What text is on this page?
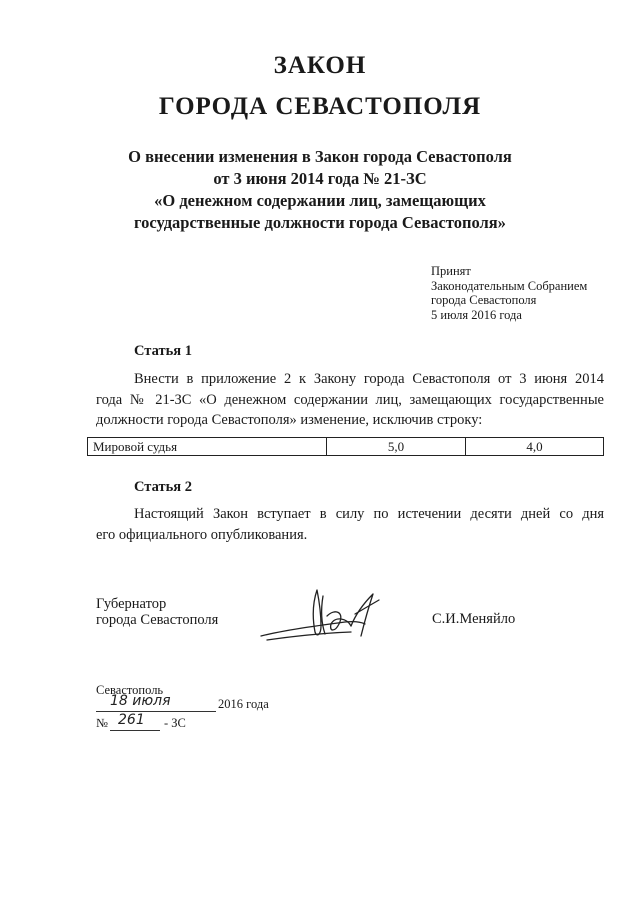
ЗАКОН
ГОРОДА СЕВАСТОПОЛЯ
О внесении изменения в Закон города Севастополя
от 3 июня 2014 года № 21-ЗС
«О денежном содержании лиц, замещающих
государственные должности города Севастополя»
Принят
Законодательным Собранием
города Севастополя
5 июля 2016 года
Статья 1
Внести в приложение 2 к Закону города Севастополя от 3 июня 2014
года № 21-ЗС «О денежном содержании лиц, замещающих государственные
должности города Севастополя» изменение, исключив строку:
Мировой судья	5,0	4,0
Статья 2
Настоящий Закон вступает в силу по истечении десяти дней со дня
его официального опубликования.
Губернатор
города Севастополя	С.И.Меняйло
Севастополь
18 июля	2016 года
№ 261 - ЗС
